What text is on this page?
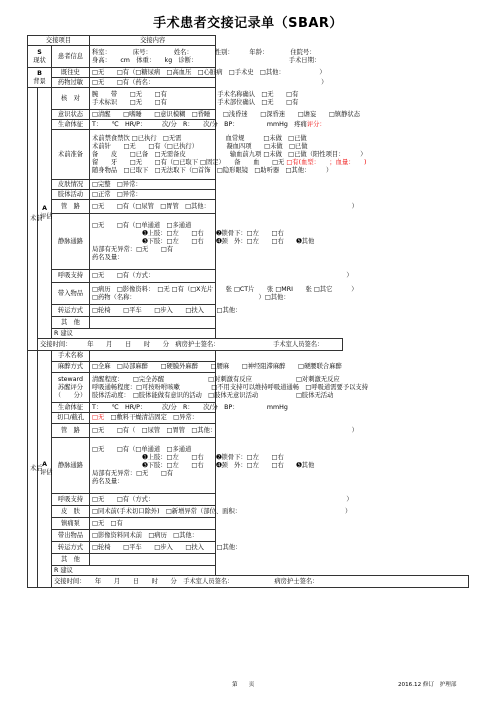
手术患者交接记录单（SBAR）
交接项目			交接内容
S
现状		患者信息	科室：　　　　床号：　　　　姓名：　　　　性别：　　　年龄：　　　　住院号：
身高：　　cm　体重：　　kg　诊断：　　　　　　　　　　　　　　　手术日期：

B
背景		既往史	□无　　□有（□糖尿病　□高血压　□心脏病　□手术史　□其他：　　　　　　）
		药物过敏	□无　　□有（药名：　　　　　　　　　　　　　　　　　　　　　　　　　　　）
术前	A
评估	核　对	腕　　带　　□无　　□有　　　　　　　　手术名称确认　□无　　□有
手术标识　　□无　　□有　　　　　　　　手术部位确认　□无　　□有

		意识状态	□清醒　　□嗜睡　　□意识模糊　□昏睡　　□浅昏迷　　□深昏迷　　□谵妄　　□镇静状态
		生命体征	T：　　℃　HR/P：　　　次/分　R：　　次/分　BP：　　　　　mmHg　疼痛评分：
		术前准备	术前禁食禁饮 □已执行　□无需　　　　　　　血常规　　　□未做　□已做
术前针　　□无　　□有（□已执行）　　　　　凝血四项　　□未做　□已做
备　　皮　　□已备　□无需备皮　　　　　　　输血前九项 □未做　□已做（阳性项目：　　　）
留　　牙　　□无　　□有（□已取下 □固定）　　备　　血　　□无 □有(血型：　　；血量：　　)
随身物品　□已取下　□无法取下（□首饰　□隐形眼镜　□助听器　□其他：　　　）

		皮肤情况	□完整　□异常：
		肢体活动	□正常　□异常：
		管　路	□无　　□有（□尿管　□胃管　□其他：　　　　　　　　　　　　　　　　　　　　　　　）
		静脉通路	□无　　□有（□单通道　□多通道
　　　　　　　　➊上肢：□左　　□右　　➋锁骨下：□左　　□右
　　　　　　　　➌下肢：□左　　□右　　➍颈　外：□左　　□右　　➎其他
局部有无异常：□无　　□有
药名及量：

		呼吸支持	□无　　□有（方式：　　　　　　　　　　　　　　　　　　　　　　　　　　　　　　　）
		带入物品	□病历　□影像资料：　□无 □有（□X光片　　张 □CT片　　张 □MRI　　张 □其它　　　）
□药物（名称：　　　　　　　　　　　　　　　　　　　　）□其他：

		转运方式	□轮椅　　□平车　　□步入　　□扶入　　□其他：
		其　他	
		R 建议	
	交接时间：　　　年　　月　　日　　时　　分　病房护士签名：　　　　　　　　　手术室人员签名：		
术后	A
评估	手术名称	
		麻醉方式	□全麻　□局部麻醉　　□硬膜外麻醉　　□腰麻　　□神经阻滞麻醉　　□硬腰联合麻醉
		steward
苏醒评分
（　　分）	清醒程度：　　□完全苏醒　　　　　　　□对刺激有反应　　　　　　　□对刺激无反应
呼吸通畅程度：□可按吩咐咳嗽　　　　　□不用支持可以维持呼吸道通畅　□呼吸道需要予以支持
肢体活动度：　□肢体能做有意识的活动　□肢体无意识活动　　　　　　□肢体无活动

		生命体征	T：　　℃　HR/P：　　　次/分　R：　　次/分　BP：　　　　　mmHg
		切口/截孔	□无　□敷料干燥清洁固定　□异常：
		管　路	□无　　□有（　□尿管　□胃管　□其他：　　　　　　　　　　　　　　　　　　　　　　）
		静脉通路	□无　　□有（□单通道　□多通道
　　　　　　　　➊上肢：□左　　□右　　➋锁骨下：□左　　□右
　　　　　　　　➌下肢：□左　　□右　　➍颈　外：□左　　□右　　➎其他
局部有无异常：□无　　□有
药名及量：

		呼吸支持	□无　　□有（方式：　　　　　　　　　　　　　　　　　　　　　　　　　　　　　　　）
		皮　肤	□同术前(手术切口除外)　□新增异常（部位、面积：　　　　　　　　　　　　　　　　　）
		镇痛泵	□无　□有
		带出物品	□影像资料同术前　□病历　□其他：
		转运方式	□轮椅　　□平车　　□步入　　□扶入　　□其他：
		其　他	
		R 建议	
		交接时间：　　年　　月　　日　　时　　分　手术室人员签名：　　　　　　　病房护士签名：	
第　　页	2016.12 修订　护理部
